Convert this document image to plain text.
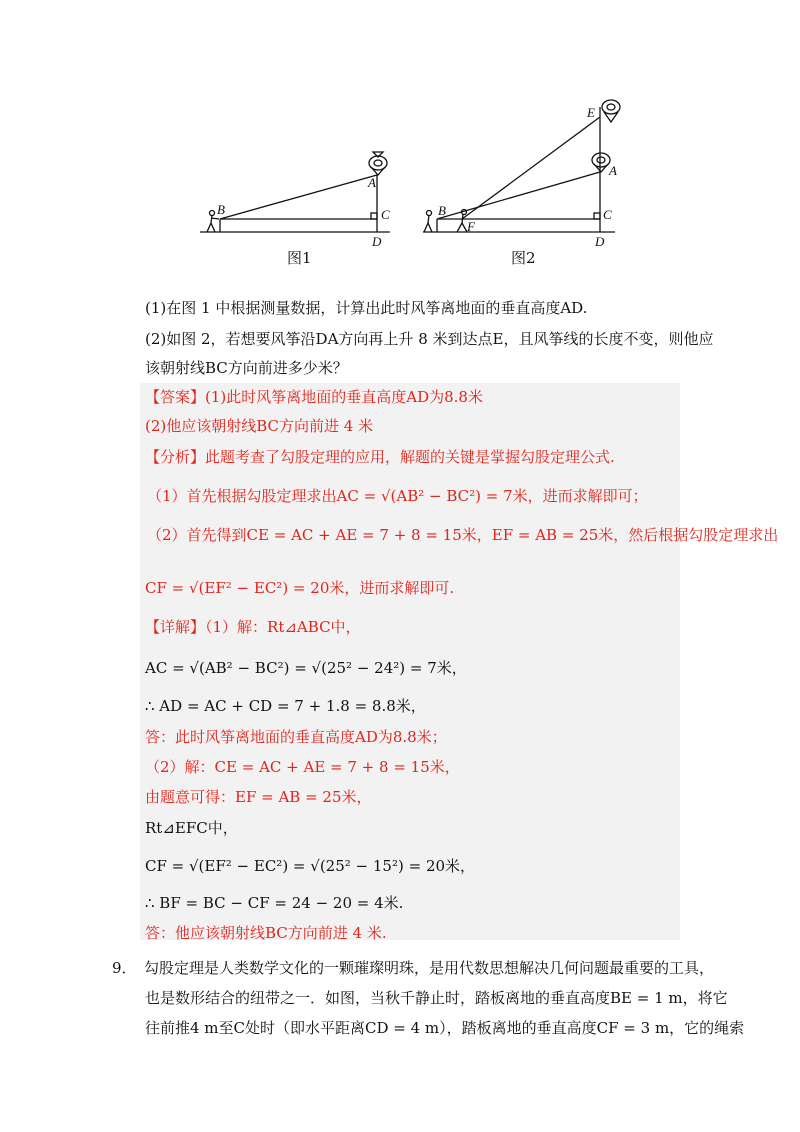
A
B	C
D
E
A
B	C
D
F
图1	图2
(1)在图 1 中根据测量数据，计算出此时风筝离地面的垂直高度AD.
(2)如图 2，若想要风筝沿DA方向再上升 8 米到达点E，且风筝线的长度不变，则他应
该朝射线BC方向前进多少米？
【答案】(1)此时风筝离地面的垂直高度AD为8.8米
(2)他应该朝射线BC方向前进 4 米
【分析】此题考查了勾股定理的应用，解题的关键是掌握勾股定理公式.
（1）首先根据勾股定理求出AC = √(AB² − BC²) = 7米，进而求解即可；
（2）首先得到CE = AC + AE = 7 + 8 = 15米，EF = AB = 25米，然后根据勾股定理求出
CF = √(EF² − EC²) = 20米，进而求解即可.
【详解】（1）解：Rt⊿ABC中，
AC = √(AB² − BC²) = √(25² − 24²) = 7米，
∴ AD = AC + CD = 7 + 1.8 = 8.8米，
答：此时风筝离地面的垂直高度AD为8.8米；
（2）解：CE = AC + AE = 7 + 8 = 15米，
由题意可得：EF = AB = 25米，
Rt⊿EFC中，
CF = √(EF² − EC²) = √(25² − 15²) = 20米，
∴ BF = BC − CF = 24 − 20 = 4米.
答：他应该朝射线BC方向前进 4 米.
9．　勾股定理是人类数学文化的一颗璀璨明珠，是用代数思想解决几何问题最重要的工具，
也是数形结合的纽带之一．如图，当秋千静止时，踏板离地的垂直高度BE = 1 m，将它
往前推4 m至C处时（即水平距离CD = 4 m），踏板离地的垂直高度CF = 3 m，它的绳索
